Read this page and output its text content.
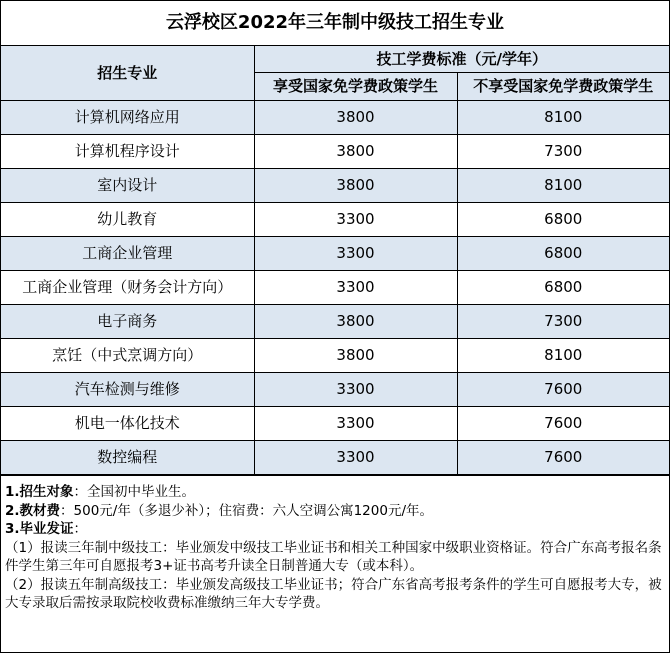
云浮校区2022年三年制中级技工招生专业		
招生专业	技工学费标准（元/学年）	
	享受国家免学费政策学生	不享受国家免学费政策学生
计算机网络应用	3800	8100
计算机程序设计	3800	7300
室内设计	3800	8100
幼儿教育	3300	6800
工商企业管理	3300	6800
工商企业管理（财务会计方向）	3300	6800
电子商务	3800	7300
烹饪（中式烹调方向）	3800	8100
汽车检测与维修	3300	7600
机电一体化技术	3300	7600
数控编程	3300	7600

1.招生对象：全国初中毕业生。

2.教材费：500元/年（多退少补）；住宿费：六人空调公寓1200元/年。

3.毕业发证：

（1）报读三年制中级技工：毕业颁发中级技工毕业证书和相关工种国家中级职业资格证。符合广东高考报名条件学生第三年可自愿报考3+证书高考升读全日制普通大专（或本科）。

（2）报读五年制高级技工：毕业颁发高级技工毕业证书；符合广东省高考报考条件的学生可自愿报考大专，被大专录取后需按录取院校收费标准缴纳三年大专学费。
